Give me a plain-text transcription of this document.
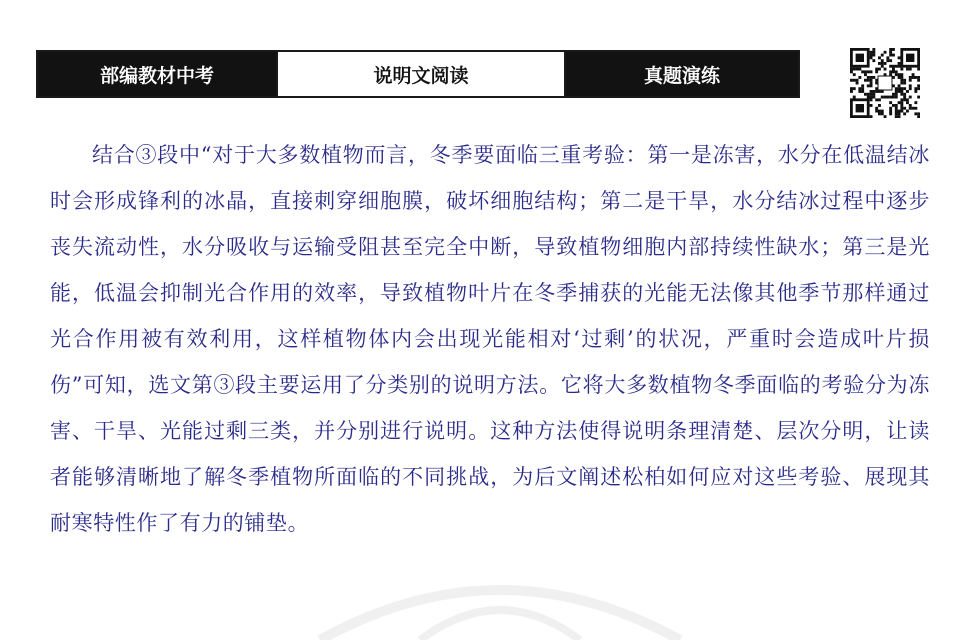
部编教材中考	说明文阅读	真题演练

结合③段中“对于大多数植物而言，冬季要面临三重考验：第一是冻害，水分在低温结冰时会形成锋利的冰晶，直接刺穿细胞膜，破坏细胞结构；第二是干旱，水分结冰过程中逐步丧失流动性，水分吸收与运输受阻甚至完全中断，导致植物细胞内部持续性缺水；第三是光能，低温会抑制光合作用的效率，导致植物叶片在冬季捕获的光能无法像其他季节那样通过光合作用被有效利用，这样植物体内会出现光能相对‘过剩’的状况，严重时会造成叶片损伤”可知，选文第③段主要运用了分类别的说明方法。它将大多数植物冬季面临的考验分为冻害、干旱、光能过剩三类，并分别进行说明。这种方法使得说明条理清楚、层次分明，让读者能够清晰地了解冬季植物所面临的不同挑战，为后文阐述松柏如何应对这些考验、展现其耐寒特性作了有力的铺垫。
